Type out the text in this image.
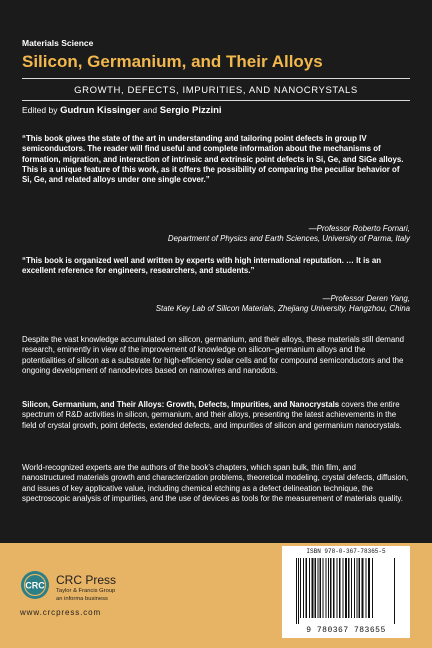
Materials Science
Silicon, Germanium, and Their Alloys
GROWTH, DEFECTS, IMPURITIES, AND NANOCRYSTALS
Edited by Gudrun Kissinger and Sergio Pizzini
“This book gives the state of the art in understanding and tailoring point defects in group IV semiconductors. The reader will find useful and complete information about the mechanisms of formation, migration, and interaction of intrinsic and extrinsic point defects in Si, Ge, and SiGe alloys. This is a unique feature of this work, as it offers the possibility of comparing the peculiar behavior of Si, Ge, and related alloys under one single cover.”
—Professor Roberto Fornari,
Department of Physics and Earth Sciences, University of Parma, Italy
“This book is organized well and written by experts with high international reputation. … It is an excellent reference for engineers, researchers, and students.”
—Professor Deren Yang,
State Key Lab of Silicon Materials, Zhejiang University, Hangzhou, China
Despite the vast knowledge accumulated on silicon, germanium, and their alloys, these materials still demand research, eminently in view of the improvement of knowledge on silicon–germanium alloys and the potentialities of silicon as a substrate for high-efficiency solar cells and for compound semiconductors and the ongoing development of nanodevices based on nanowires and nanodots.
Silicon, Germanium, and Their Alloys: Growth, Defects, Impurities, and Nanocrystals covers the entire spectrum of R&D activities in silicon, germanium, and their alloys, presenting the latest achievements in the field of crystal growth, point defects, extended defects, and impurities of silicon and germanium nanocrystals.
World-recognized experts are the authors of the book’s chapters, which span bulk, thin film, and nanostructured materials growth and characterization problems, theoretical modeling, crystal defects, diffusion, and issues of key applicative value, including chemical etching as a defect delineation technique, the spectroscopic analysis of impurities, and the use of devices as tools for the measurement of materials quality.
CRC CRC Press
Taylor & Francis Group
an informa business
www.crcpress.com
ISBN 978-0-367-78365-5
9 780367 783655
